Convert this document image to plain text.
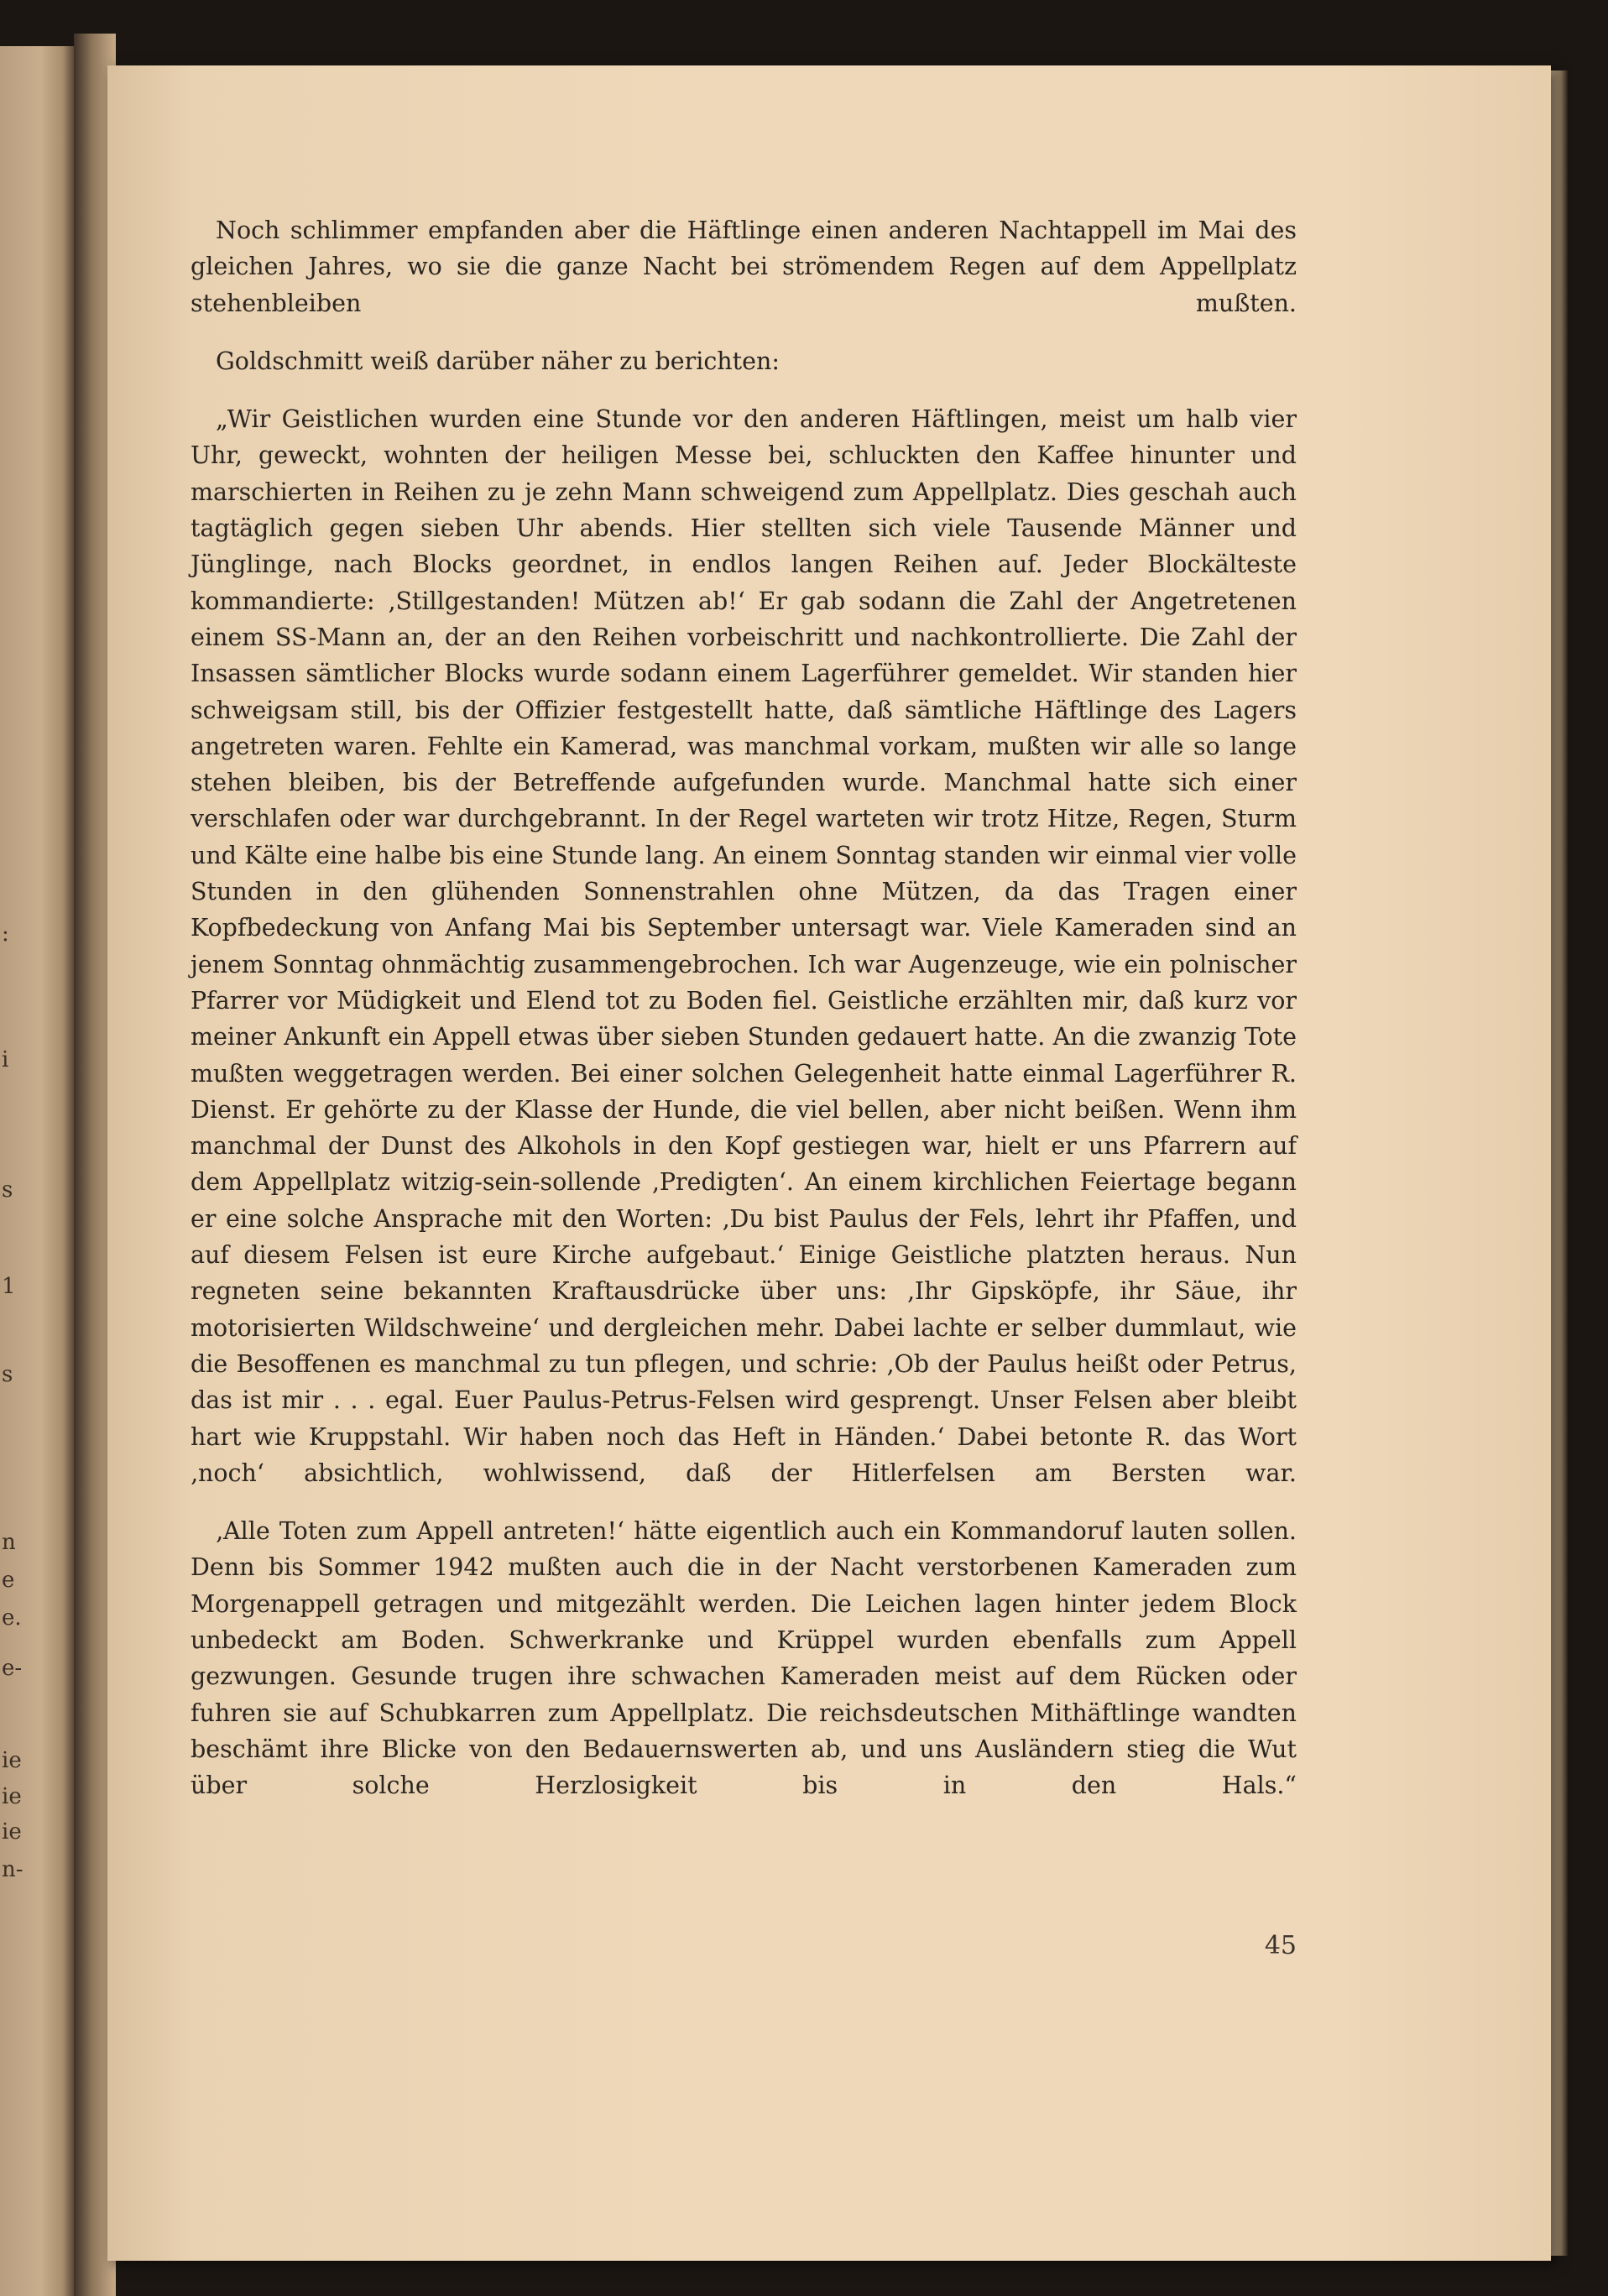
:
i
s
1
s
n
e
e.
e-
ie
ie
ie
n-

Noch schlimmer empfanden aber die Häftlinge einen anderen Nachtappell im Mai des gleichen Jahres, wo sie die ganze Nacht bei strömendem Regen auf dem Appellplatz stehenbleiben mußten.

Goldschmitt weiß darüber näher zu berichten:

„Wir Geistlichen wurden eine Stunde vor den anderen Häftlingen, meist um halb vier Uhr, geweckt, wohnten der heiligen Messe bei, schluckten den Kaffee hinunter und marschierten in Reihen zu je zehn Mann schweigend zum Appellplatz. Dies geschah auch tagtäglich gegen sieben Uhr abends. Hier stellten sich viele Tausende Männer und Jünglinge, nach Blocks geordnet, in endlos langen Reihen auf. Jeder Blockälteste kommandierte: ‚Stillgestanden! Mützen ab!‘ Er gab sodann die Zahl der Angetretenen einem SS-Mann an, der an den Reihen vorbeischritt und nachkontrollierte. Die Zahl der Insassen sämtlicher Blocks wurde sodann einem Lagerführer gemeldet. Wir standen hier schweigsam still, bis der Offizier festgestellt hatte, daß sämtliche Häftlinge des Lagers angetreten waren. Fehlte ein Kamerad, was manchmal vorkam, mußten wir alle so lange stehen bleiben, bis der Betreffende aufgefunden wurde. Manchmal hatte sich einer verschlafen oder war durchgebrannt. In der Regel warteten wir trotz Hitze, Regen, Sturm und Kälte eine halbe bis eine Stunde lang. An einem Sonntag standen wir einmal vier volle Stunden in den glühenden Sonnenstrahlen ohne Mützen, da das Tragen einer Kopfbedeckung von Anfang Mai bis September untersagt war. Viele Kameraden sind an jenem Sonntag ohnmächtig zusammengebrochen. Ich war Augenzeuge, wie ein polnischer Pfarrer vor Müdigkeit und Elend tot zu Boden fiel. Geistliche erzählten mir, daß kurz vor meiner Ankunft ein Appell etwas über sieben Stunden gedauert hatte. An die zwanzig Tote mußten weggetragen werden. Bei einer solchen Gelegenheit hatte einmal Lagerführer R. Dienst. Er gehörte zu der Klasse der Hunde, die viel bellen, aber nicht beißen. Wenn ihm manchmal der Dunst des Alkohols in den Kopf gestiegen war, hielt er uns Pfarrern auf dem Appellplatz witzig-sein-sollende ‚Predigten‘. An einem kirchlichen Feiertage begann er eine solche Ansprache mit den Worten: ‚Du bist Paulus der Fels, lehrt ihr Pfaffen, und auf diesem Felsen ist eure Kirche aufgebaut.‘ Einige Geistliche platzten heraus. Nun regneten seine bekannten Kraftausdrücke über uns: ‚Ihr Gipsköpfe, ihr Säue, ihr motorisierten Wildschweine‘ und dergleichen mehr. Dabei lachte er selber dummlaut, wie die Besoffenen es manchmal zu tun pflegen, und schrie: ‚Ob der Paulus heißt oder Petrus, das ist mir . . . egal. Euer Paulus-Petrus-Felsen wird gesprengt. Unser Felsen aber bleibt hart wie Kruppstahl. Wir haben noch das Heft in Händen.‘ Dabei betonte R. das Wort ‚noch‘ absichtlich, wohlwissend, daß der Hitlerfelsen am Bersten war.

‚Alle Toten zum Appell antreten!‘ hätte eigentlich auch ein Kommandoruf lauten sollen. Denn bis Sommer 1942 mußten auch die in der Nacht verstorbenen Kameraden zum Morgenappell getragen und mitgezählt werden. Die Leichen lagen hinter jedem Block unbedeckt am Boden. Schwerkranke und Krüppel wurden ebenfalls zum Appell gezwungen. Gesunde trugen ihre schwachen Kameraden meist auf dem Rücken oder fuhren sie auf Schubkarren zum Appellplatz. Die reichsdeutschen Mithäftlinge wandten beschämt ihre Blicke von den Bedauernswerten ab, und uns Ausländern stieg die Wut über solche Herzlosigkeit bis in den Hals.“

45
